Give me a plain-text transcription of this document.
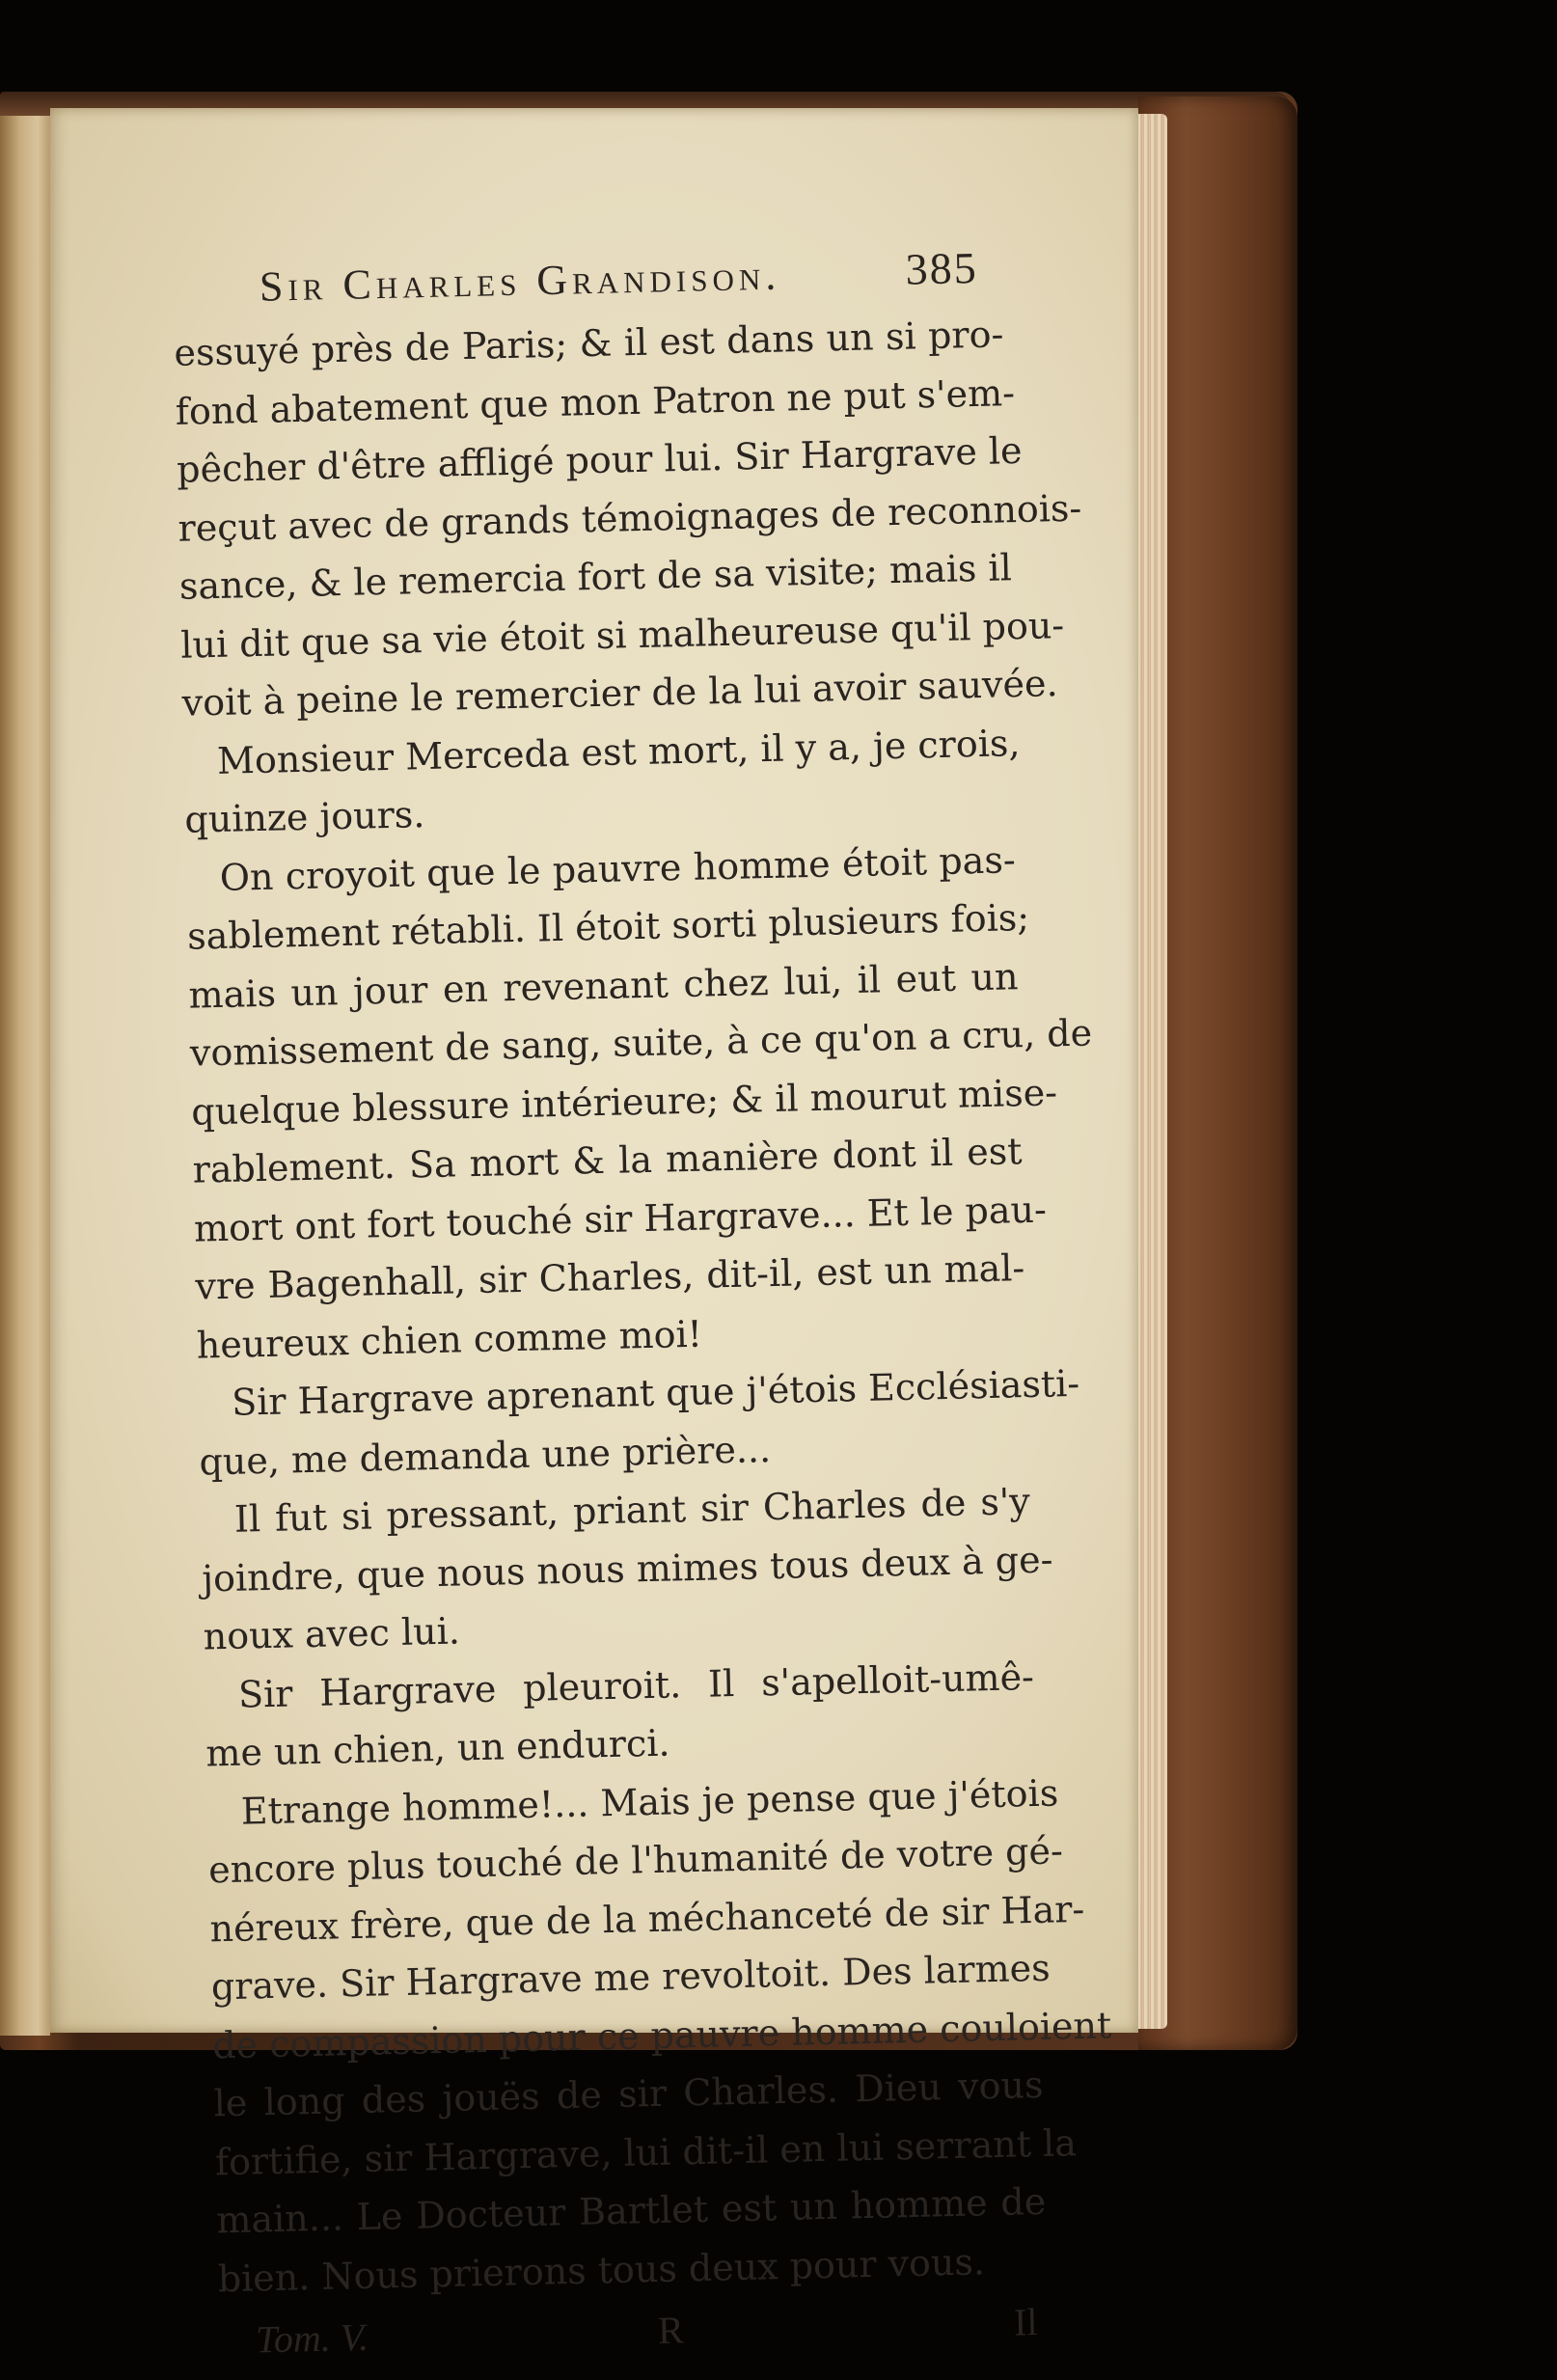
Sir Charles Grandison.	385
essuyé près de Paris; & il est dans un si pro-
fond abatement que mon Patron ne put s'em-
pêcher d'être affligé pour lui. Sir Hargrave le
reçut avec de grands témoignages de reconnois-
sance, & le remercia fort de sa visite; mais il
lui dit que sa vie étoit si malheureuse qu'il pou-
voit à peine le remercier de la lui avoir sauvée.
Monsieur Merceda est mort, il y a, je crois,
quinze jours.
On croyoit que le pauvre homme étoit pas-
sablement rétabli. Il étoit sorti plusieurs fois;
mais un jour en revenant chez lui, il eut un
vomissement de sang, suite, à ce qu'on a cru, de
quelque blessure intérieure; & il mourut mise-
rablement. Sa mort & la manière dont il est
mort ont fort touché sir Hargrave... Et le pau-
vre Bagenhall, sir Charles, dit-il, est un mal-
heureux chien comme moi!
Sir Hargrave aprenant que j'étois Ecclésiasti-
que, me demanda une prière...
Il fut si pressant, priant sir Charles de s'y
joindre, que nous nous mimes tous deux à ge-
noux avec lui.
Sir Hargrave pleuroit. Il s'apelloit-umê-
me un chien, un endurci.
Etrange homme!... Mais je pense que j'étois
encore plus touché de l'humanité de votre gé-
néreux frère, que de la méchanceté de sir Har-
grave. Sir Hargrave me revoltoit. Des larmes
de compassion pour ce pauvre homme couloient
le long des jouës de sir Charles. Dieu vous
fortifie, sir Hargrave, lui dit-il en lui serrant la
main... Le Docteur Bartlet est un homme de
bien. Nous prierons tous deux pour vous.
Tom. V.	R	Il
